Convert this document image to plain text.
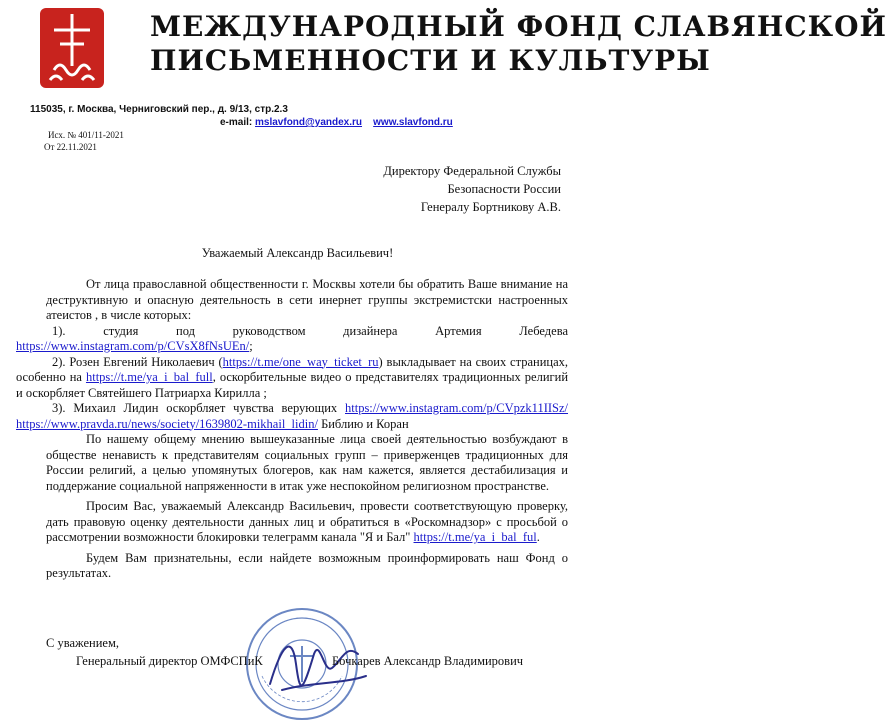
МЕЖДУНАРОДНЫЙ ФОНД СЛАВЯНСКОЙ
ПИСЬМЕННОСТИ И КУЛЬТУРЫ
115035, г. Москва, Черниговский пер., д. 9/13, стр.2.3
e-mail: mslavfond@yandex.ru www.slavfond.ru
Исх. № 401/11-2021
От 22.11.2021
Директору Федеральной Службы
Безопасности России
Генералу Бортникову А.В.
Уважаемый Александр Васильевич!

От лица православной общественности г. Москвы хотели бы обратить Ваше внимание на деструктивную и опасную деятельность в сети инернет группы экстремистски настроенных атеистов , в числе которых:

1). студия под руководством дизайнера Артемия Лебедева https://www.instagram.com/p/CVsX8fNsUEn/;

2). Розен Евгений Николаевич (https://t.me/one_way_ticket_ru) выкладывает на своих страницах, особенно на https://t.me/ya_i_bal_full, оскорбительные видео о представителях традиционных религий и оскорбляет Святейшего Патриарха Кирилла ;

3). Михаил Лидин оскорбляет чувства верующих https://www.instagram.com/p/CVpzk11IISz/ https://www.pravda.ru/news/society/1639802-mikhail_lidin/ Библию и Коран

По нашему общему мнению вышеуказанные лица своей деятельностью возбуждают в обществе ненависть к представителям социальных групп – приверженцев традиционных для России религий, а целью упомянутых блогеров, как нам кажется, является дестабилизация и поддержание социальной напряженности в итак уже неспокойном религиозном пространстве.

Просим Вас, уважаемый Александр Васильевич, провести соответствующую проверку, дать правовую оценку деятельности данных лиц и обратиться в «Роскомнадзор» с просьбой о рассмотрении возможности блокировки телеграмм канала "Я и Бал" https://t.me/ya_i_bal_ful.

Будем Вам признательны, если найдете возможным проинформировать наш Фонд о результатах.

С уважением,
Генеральный директор ОМФСПиК	Бочкарев Александр Владимирович
